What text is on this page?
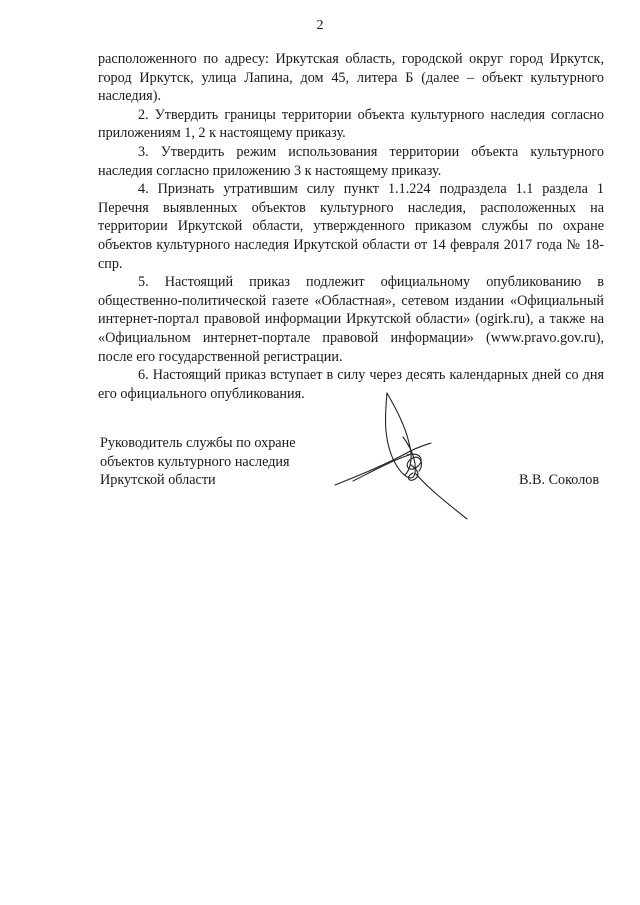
2

расположенного по адресу: Иркутская область, городской округ город Иркутск, город Иркутск, улица Лапина, дом 45, литера Б (далее – объект культурного наследия).

2. Утвердить границы территории объекта культурного наследия согласно приложениям 1, 2 к настоящему приказу.

3. Утвердить режим использования территории объекта культурного наследия согласно приложению 3 к настоящему приказу.

4. Признать утратившим силу пункт 1.1.224 подраздела 1.1 раздела 1 Перечня выявленных объектов культурного наследия, расположенных на территории Иркутской области, утвержденного приказом службы по охране объектов культурного наследия Иркутской области от 14 февраля 2017 года № 18-спр.

5. Настоящий приказ подлежит официальному опубликованию в общественно-политической газете «Областная», сетевом издании «Официальный интернет-портал правовой информации Иркутской области» (ogirk.ru), а также на «Официальном интернет-портале правовой информации» (www.pravo.gov.ru), после его государственной регистрации.

6. Настоящий приказ вступает в силу через десять календарных дней со дня его официального опубликования.

Руководитель службы по охране
объектов культурного наследия
Иркутской области	В.В. Соколов
